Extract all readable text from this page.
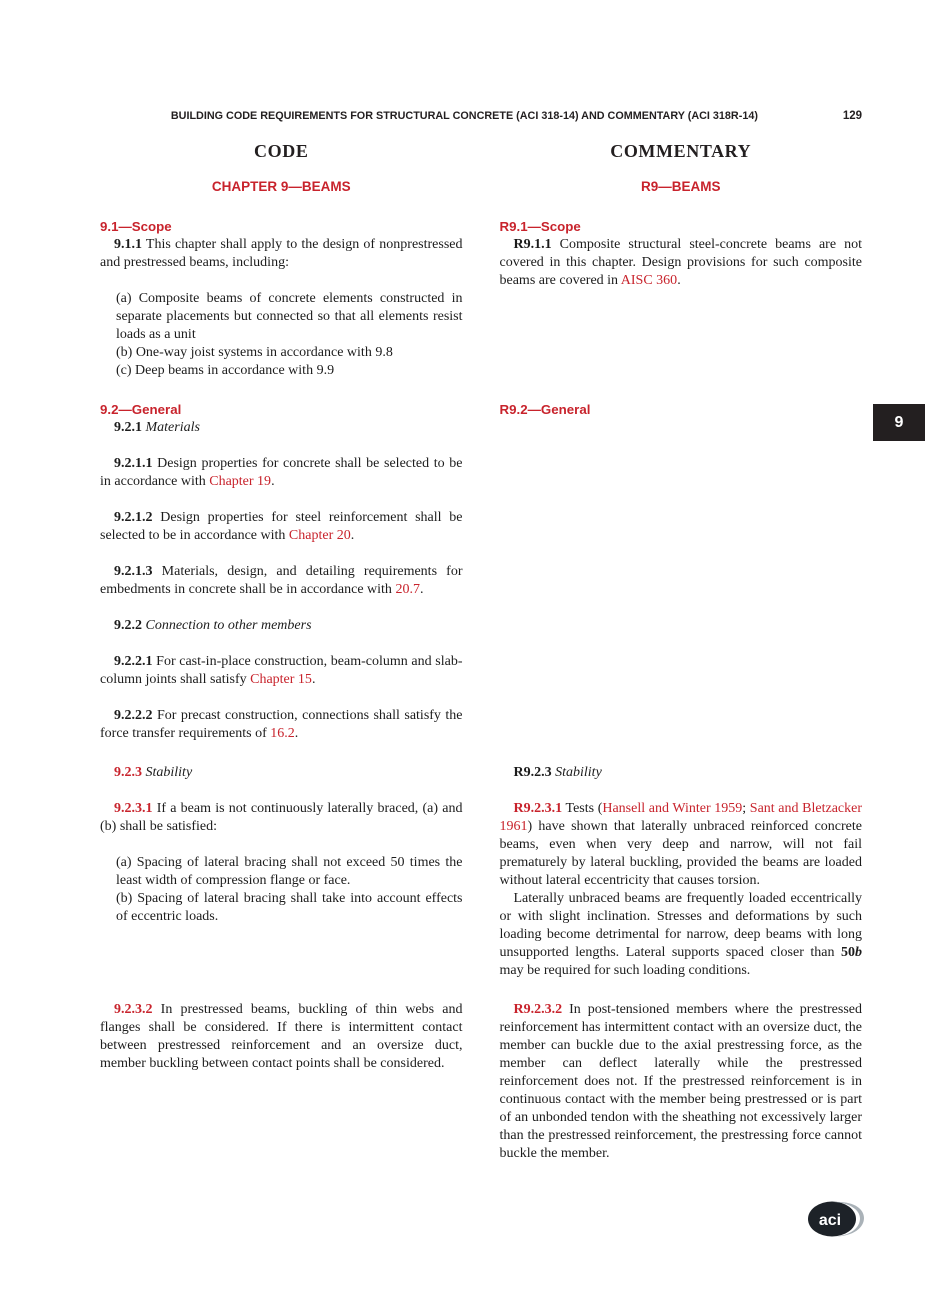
BUILDING CODE REQUIREMENTS FOR STRUCTURAL CONCRETE (ACI 318-14) AND COMMENTARY (ACI 318R-14)	129
CODE	COMMENTARY
CHAPTER 9—BEAMS	R9—BEAMS
9.1—Scope
9.1.1 This chapter shall apply to the design of nonprestressed and prestressed beams, including:
(a) Composite beams of concrete elements constructed in separate placements but connected so that all elements resist loads as a unit
(b) One-way joist systems in accordance with 9.8
(c) Deep beams in accordance with 9.9
R9.1—Scope
R9.1.1 Composite structural steel-concrete beams are not covered in this chapter. Design provisions for such composite beams are covered in AISC 360.
9.2—General
9.2.1 Materials
9.2.1.1 Design properties for concrete shall be selected to be in accordance with Chapter 19.
9.2.1.2 Design properties for steel reinforcement shall be selected to be in accordance with Chapter 20.
9.2.1.3 Materials, design, and detailing requirements for embedments in concrete shall be in accordance with 20.7.
9.2.2 Connection to other members
9.2.2.1 For cast-in-place construction, beam-column and slab-column joints shall satisfy Chapter 15.
9.2.2.2 For precast construction, connections shall satisfy the force transfer requirements of 16.2.
R9.2—General
9.2.3 Stability
9.2.3.1 If a beam is not continuously laterally braced, (a) and (b) shall be satisfied:
(a) Spacing of lateral bracing shall not exceed 50 times the least width of compression flange or face.
(b) Spacing of lateral bracing shall take into account effects of eccentric loads.
R9.2.3 Stability
R9.2.3.1 Tests (Hansell and Winter 1959; Sant and Bletzacker 1961) have shown that laterally unbraced reinforced concrete beams, even when very deep and narrow, will not fail prematurely by lateral buckling, provided the beams are loaded without lateral eccentricity that causes torsion.
Laterally unbraced beams are frequently loaded eccentrically or with slight inclination. Stresses and deformations by such loading become detrimental for narrow, deep beams with long unsupported lengths. Lateral supports spaced closer than 50b may be required for such loading conditions.
9.2.3.2 In prestressed beams, buckling of thin webs and flanges shall be considered. If there is intermittent contact between prestressed reinforcement and an oversize duct, member buckling between contact points shall be considered.
R9.2.3.2 In post-tensioned members where the prestressed reinforcement has intermittent contact with an oversize duct, the member can buckle due to the axial prestressing force, as the member can deflect laterally while the prestressed reinforcement does not. If the prestressed reinforcement is in continuous contact with the member being prestressed or is part of an unbonded tendon with the sheathing not excessively larger than the prestressed reinforcement, the prestressing force cannot buckle the member.
9
aci
